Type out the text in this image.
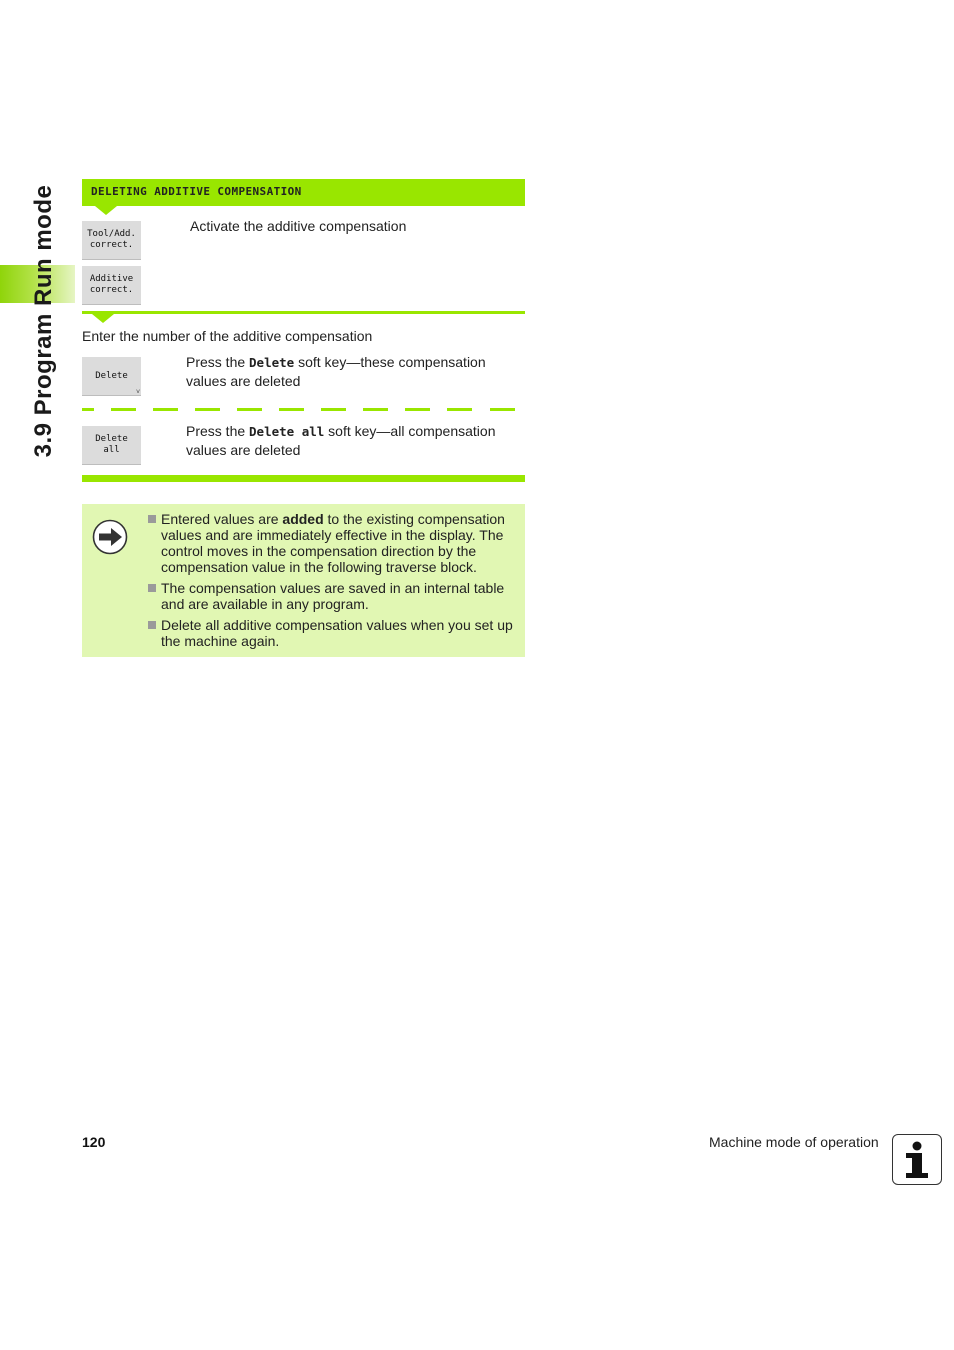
3.9 Program Run mode	DELETING ADDITIVE COMPENSATION
Tool/Add.
correct.
Additive
correct.
Activate the additive compensation
Enter the number of the additive compensation
Delete
˅
Press the Delete soft key—these compensation values are deleted
Delete
all
Press the Delete all soft key—all compensation values are deleted
Entered values are added to the existing compensation values and are immediately effective in the display. The control moves in the compensation direction by the compensation value in the following traverse block.
The compensation values are saved in an internal table and are available in any program.
Delete all additive compensation values when you set up the machine again.
120	Machine mode of operation
